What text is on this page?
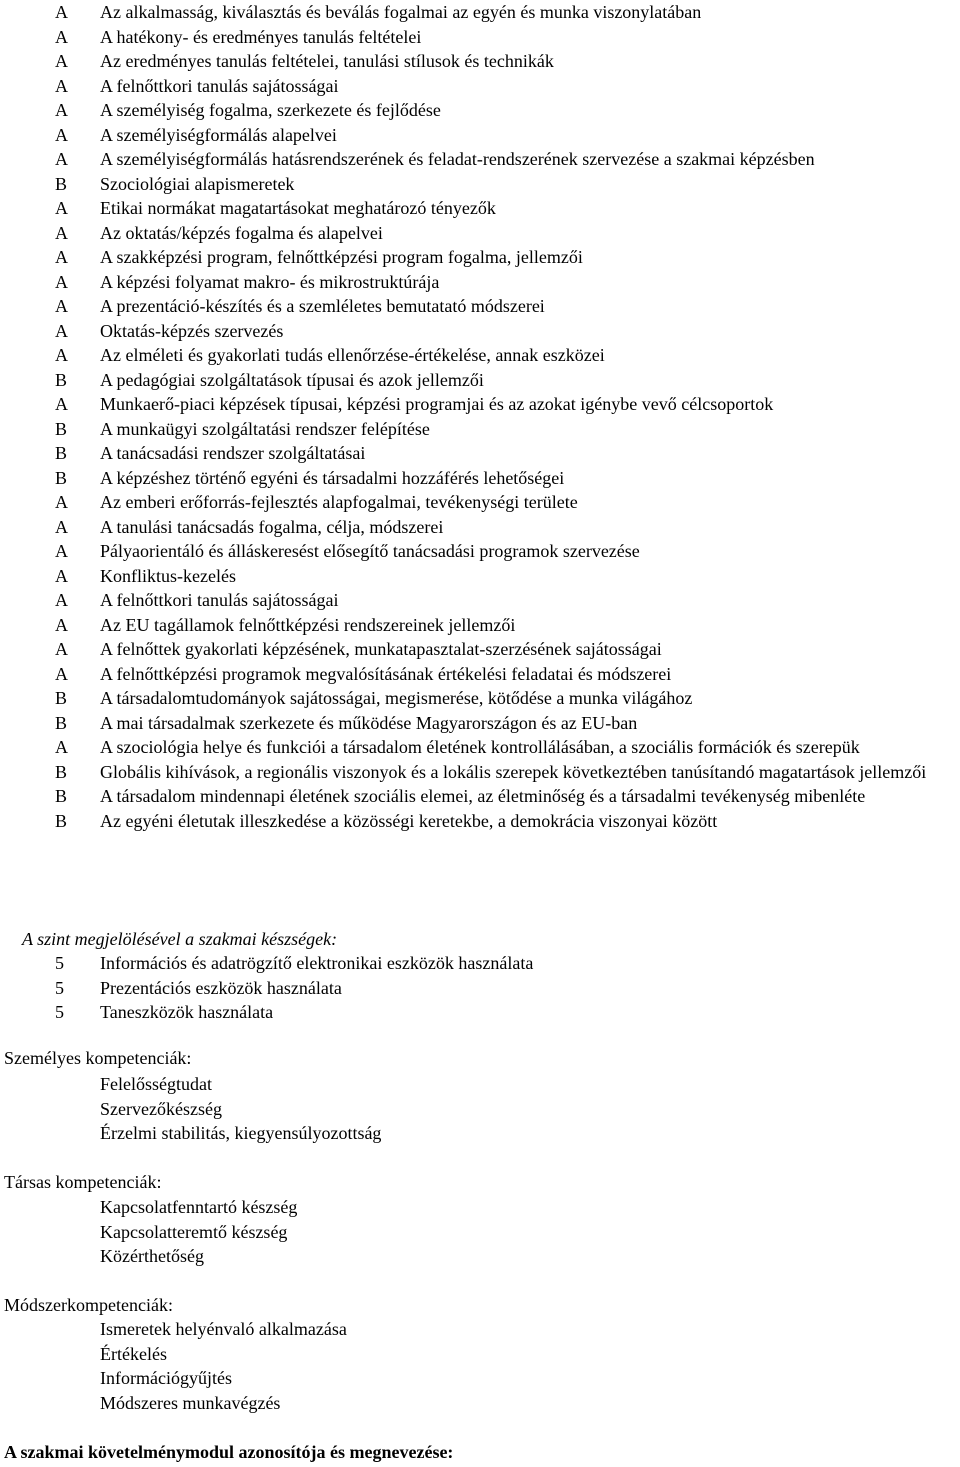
A	Az alkalmasság, kiválasztás és beválás fogalmai az egyén és munka viszonylatában
A	A hatékony- és eredményes tanulás feltételei
A	Az eredményes tanulás feltételei, tanulási stílusok és technikák
A	A felnőttkori tanulás sajátosságai
A	A személyiség fogalma, szerkezete és fejlődése
A	A személyiségformálás alapelvei
A	A személyiségformálás hatásrendszerének és feladat-rendszerének szervezése a szakmai képzésben
B	Szociológiai alapismeretek
A	Etikai normákat magatartásokat meghatározó tényezők
A	Az oktatás/képzés fogalma és alapelvei
A	A szakképzési program, felnőttképzési program fogalma, jellemzői
A	A képzési folyamat makro- és mikrostruktúrája
A	A prezentáció-készítés és a szemléletes bemutatató módszerei
A	Oktatás-képzés szervezés
A	Az elméleti és gyakorlati tudás ellenőrzése-értékelése, annak eszközei
B	A pedagógiai szolgáltatások típusai és azok jellemzői
A	Munkaerő-piaci képzések típusai, képzési programjai és az azokat igénybe vevő célcsoportok
B	A munkaügyi szolgáltatási rendszer felépítése
B	A tanácsadási rendszer szolgáltatásai
B	A képzéshez történő egyéni és társadalmi hozzáférés lehetőségei
A	Az emberi erőforrás-fejlesztés alapfogalmai, tevékenységi területe
A	A tanulási tanácsadás fogalma, célja, módszerei
A	Pályaorientáló és álláskeresést elősegítő tanácsadási programok szervezése
A	Konfliktus-kezelés
A	A felnőttkori tanulás sajátosságai
A	Az EU tagállamok felnőttképzési rendszereinek jellemzői
A	A felnőttek gyakorlati képzésének, munkatapasztalat-szerzésének sajátosságai
A	A felnőttképzési programok megvalósításának értékelési feladatai és módszerei
B	A társadalomtudományok sajátosságai, megismerése, kötődése a munka világához
B	A mai társadalmak szerkezete és működése Magyarországon és az EU-ban
A	A szociológia helye és funkciói a társadalom életének kontrollálásában, a szociális formációk és szerepük
B	Globális kihívások, a regionális viszonyok és a lokális szerepek következtében tanúsítandó magatartások jellemzői
B	A társadalom mindennapi életének szociális elemei, az életminőség és a társadalmi tevékenység mibenléte
B	Az egyéni életutak illeszkedése a közösségi keretekbe, a demokrácia viszonyai között
A szint megjelölésével a szakmai készségek:
5	Információs és adatrögzítő elektronikai eszközök használata
5	Prezentációs eszközök használata
5	Taneszközök használata
Személyes kompetenciák:
Felelősségtudat
Szervezőkészség
Érzelmi stabilitás, kiegyensúlyozottság
Társas kompetenciák:
Kapcsolatfenntartó készség
Kapcsolatteremtő készség
Közérthetőség
Módszerkompetenciák:
Ismeretek helyénvaló alkalmazása
Értékelés
Információgyűjtés
Módszeres munkavégzés
A szakmai követelménymodul azonosítója és megnevezése:
